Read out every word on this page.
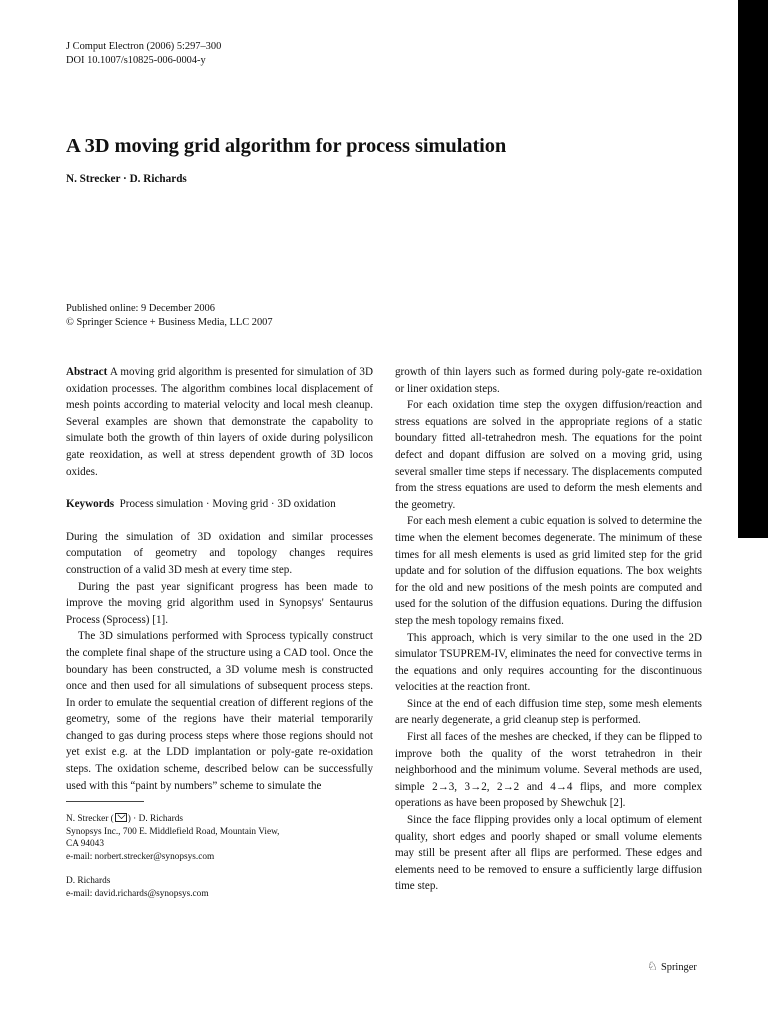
J Comput Electron (2006) 5:297–300
DOI 10.1007/s10825-006-0004-y
A 3D moving grid algorithm for process simulation
N. Strecker · D. Richards
Published online: 9 December 2006
© Springer Science + Business Media, LLC 2007

Abstract A moving grid algorithm is presented for simulation of 3D oxidation processes. The algorithm combines local displacement of mesh points according to material velocity and local mesh cleanup. Several examples are shown that demonstrate the capabolity to simulate both the growth of thin layers of oxide during polysilicon gate reoxidation, as well at stress dependent growth of 3D locos oxides.

Keywords Process simulation · Moving grid · 3D oxidation

During the simulation of 3D oxidation and similar processes computation of geometry and topology changes requires construction of a valid 3D mesh at every time step.

During the past year significant progress has been made to improve the moving grid algorithm used in Synopsys' Sentaurus Process (Sprocess) [1].

The 3D simulations performed with Sprocess typically construct the complete final shape of the structure using a CAD tool. Once the boundary has been constructed, a 3D volume mesh is constructed once and then used for all simulations of subsequent process steps. In order to emulate the sequential creation of different regions of the geometry, some of the regions have their material temporarily changed to gas during process steps where those regions should not yet exist e.g. at the LDD implantation or poly-gate re-oxidation steps. The oxidation scheme, described below can be successfully used with this “paint by numbers” scheme to simulate the

growth of thin layers such as formed during poly-gate re-oxidation or liner oxidation steps.

For each oxidation time step the oxygen diffusion/reaction and stress equations are solved in the appropriate regions of a static boundary fitted all-tetrahedron mesh. The equations for the point defect and dopant diffusion are solved on a moving grid, using several smaller time steps if necessary. The displacements computed from the stress equations are used to deform the mesh elements and the geometry.

For each mesh element a cubic equation is solved to determine the time when the element becomes degenerate. The minimum of these times for all mesh elements is used as grid limited step for the grid update and for solution of the diffusion equations. The box weights for the old and new positions of the mesh points are computed and used for the solution of the diffusion equations. During the diffusion step the mesh topology remains fixed.

This approach, which is very similar to the one used in the 2D simulator TSUPREM-IV, eliminates the need for convective terms in the equations and only requires accounting for the discontinuous velocities at the reaction front.

Since at the end of each diffusion time step, some mesh elements are nearly degenerate, a grid cleanup step is performed.

First all faces of the meshes are checked, if they can be flipped to improve both the quality of the worst tetrahedron in their neighborhood and the minimum volume. Several methods are used, simple 2→3, 3→2, 2→2 and 4→4 flips, and more complex operations as have been proposed by Shewchuk [2].

Since the face flipping provides only a local optimum of element quality, short edges and poorly shaped or small volume elements may still be present after all flips are performed. These edges and elements need to be removed to ensure a sufficiently large diffusion time step.

N. Strecker ( ) · D. Richards
Synopsys Inc., 700 E. Middlefield Road, Mountain View,
CA 94043
e-mail: norbert.strecker@synopsys.com
D. Richards
e-mail: david.richards@synopsys.com
♘ Springer
